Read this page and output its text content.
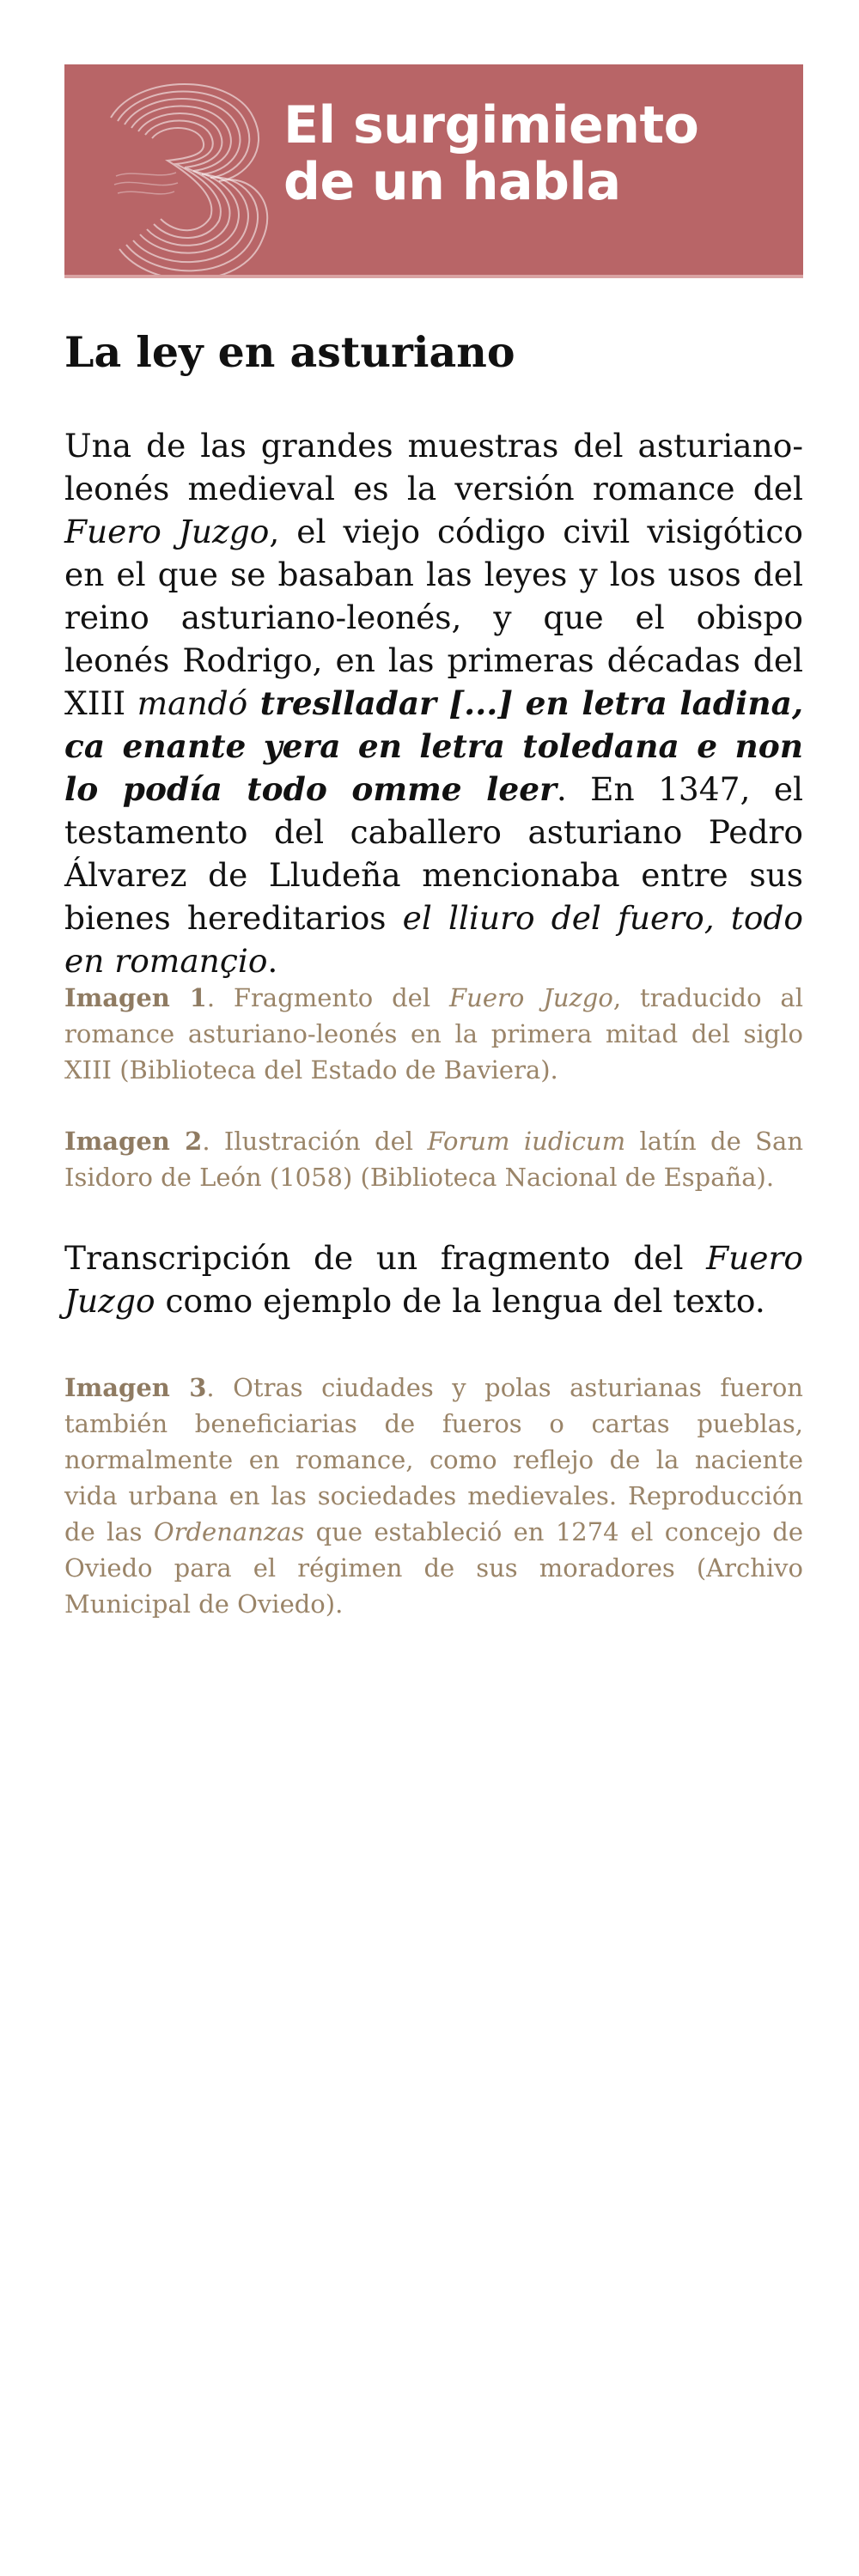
El surgimiento
de un habla
La ley en asturiano

Una de las grandes muestras del asturiano-leonés medieval es la versión romance del Fuero Juzgo, el viejo código civil visigótico en el que se basaban las leyes y los usos del reino asturiano-leonés, y que el obispo leonés Rodrigo, en las primeras décadas del XIII mandó treslladar [...] en letra ladina, ca enante yera en letra toledana e non lo podía todo omme leer. En 1347, el testamento del caballero asturiano Pedro Álvarez de Lludeña mencionaba entre sus bienes hereditarios el lliuro del fuero, todo en romançio.

Imagen 1. Fragmento del Fuero Juzgo, traducido al romance asturiano-leonés en la primera mitad del siglo XIII (Biblioteca del Estado de Baviera).

Imagen 2. Ilustración del Forum iudicum latín de San Isidoro de León (1058) (Biblioteca Nacional de España).

Transcripción de un fragmento del Fuero Juzgo como ejemplo de la lengua del texto.

Imagen 3. Otras ciudades y polas asturianas fueron también beneficiarias de fueros o cartas pueblas, normalmente en romance, como reflejo de la naciente vida urbana en las sociedades medievales. Reproducción de las Ordenanzas que estableció en 1274 el concejo de Oviedo para el régimen de sus moradores (Archivo Municipal de Oviedo).
